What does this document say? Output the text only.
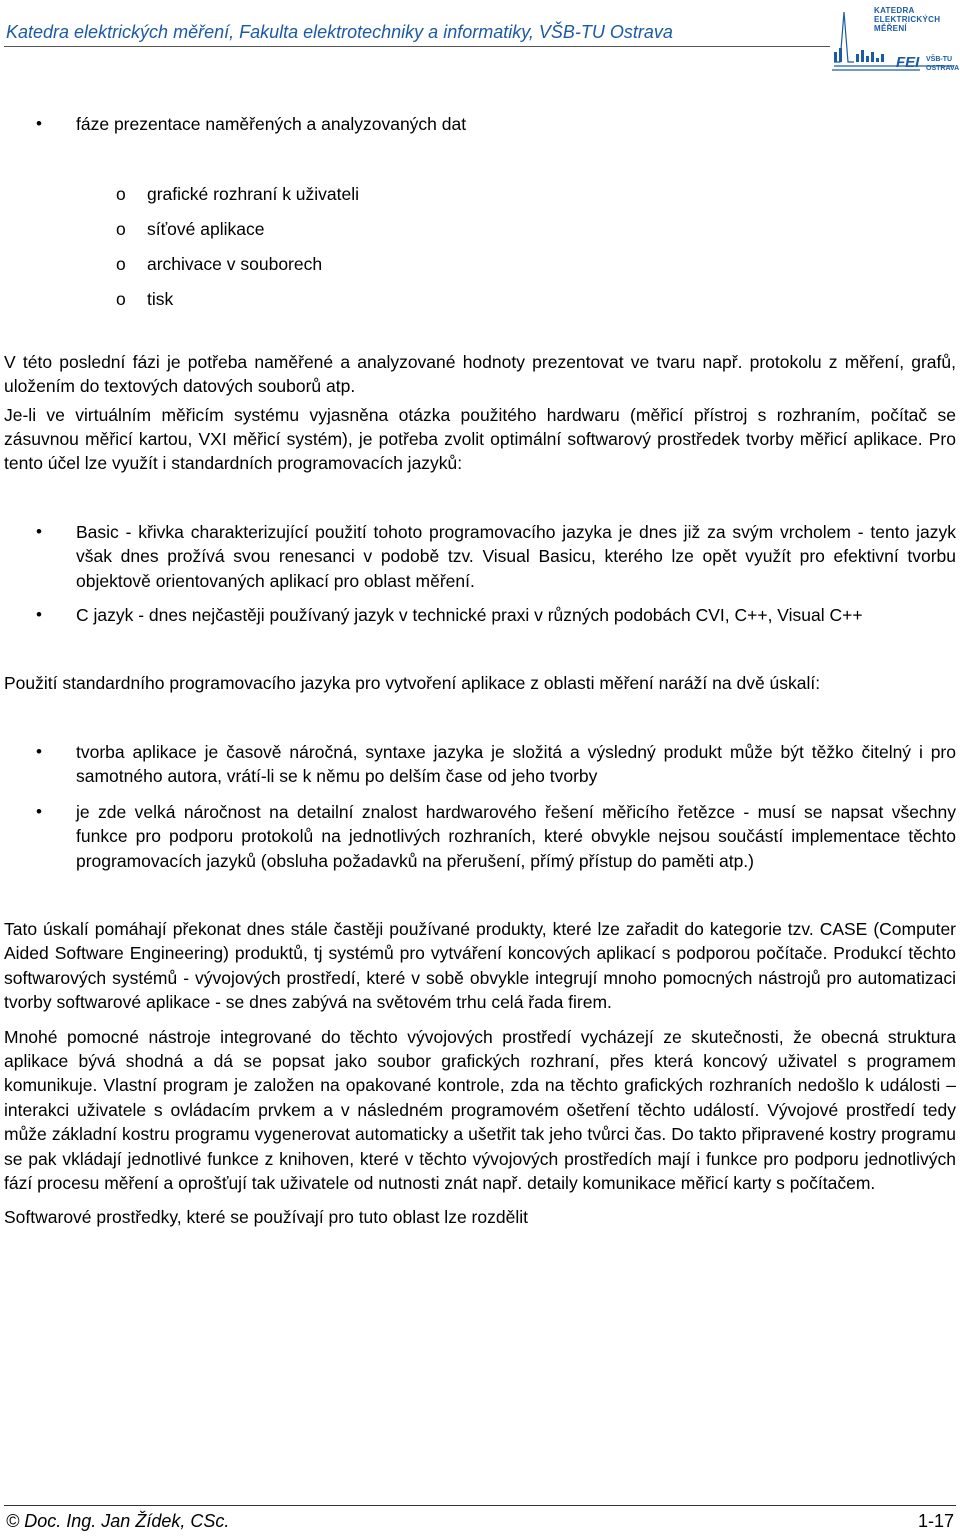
Katedra elektrických měření, Fakulta elektrotechniky a informatiky, VŠB-TU Ostrava
KATEDRA
ELEKTRICKÝCH
MĚŘENÍ
FEI VŠB-TU
OSTRAVA
• fáze prezentace naměřených a analyzovaných dat
o grafické rozhraní k uživateli
o síťové aplikace
o archivace v souborech
o tisk

V této poslední fázi je potřeba naměřené a analyzované hodnoty prezentovat ve tvaru např. protokolu z měření, grafů, uložením do textových datových souborů atp.

Je-li ve virtuálním měřicím systému vyjasněna otázka použitého hardwaru (měřicí přístroj s rozhraním, počítač se zásuvnou měřicí kartou, VXI měřicí systém), je potřeba zvolit optimální softwarový prostředek tvorby měřicí aplikace. Pro tento účel lze využít i standardních programovacích jazyků:

• Basic - křivka charakterizující použití tohoto programovacího jazyka je dnes již za svým vrcholem - tento jazyk však dnes prožívá svou renesanci v podobě tzv. Visual Basicu, kterého lze opět využít pro efektivní tvorbu objektově orientovaných aplikací pro oblast měření.
• C jazyk - dnes nejčastěji používaný jazyk v technické praxi v různých podobách CVI, C++, Visual C++

Použití standardního programovacího jazyka pro vytvoření aplikace z oblasti měření naráží na dvě úskalí:

• tvorba aplikace je časově náročná, syntaxe jazyka je složitá a výsledný produkt může být těžko čitelný i pro samotného autora, vrátí-li se k němu po delším čase od jeho tvorby
• je zde velká náročnost na detailní znalost hardwarového řešení měřicího řetězce - musí se napsat všechny funkce pro podporu protokolů na jednotlivých rozhraních, které obvykle nejsou součástí implementace těchto programovacích jazyků (obsluha požadavků na přerušení, přímý přístup do paměti atp.)

Tato úskalí pomáhají překonat dnes stále častěji používané produkty, které lze zařadit do kategorie tzv. CASE (Computer Aided Software Engineering) produktů, tj systémů pro vytváření koncových aplikací s podporou počítače. Produkcí těchto softwarových systémů - vývojových prostředí, které v sobě obvykle integrují mnoho pomocných nástrojů pro automatizaci tvorby softwarové aplikace - se dnes zabývá na světovém trhu celá řada firem.

Mnohé pomocné nástroje integrované do těchto vývojových prostředí vycházejí ze skutečnosti, že obecná struktura aplikace bývá shodná a dá se popsat jako soubor grafických rozhraní, přes která koncový uživatel s programem komunikuje. Vlastní program je založen na opakované kontrole, zda na těchto grafických rozhraních nedošlo k události – interakci uživatele s ovládacím prvkem a v následném programovém ošetření těchto událostí. Vývojové prostředí tedy může základní kostru programu vygenerovat automaticky a ušetřit tak jeho tvůrci čas. Do takto připravené kostry programu se pak vkládají jednotlivé funkce z knihoven, které v těchto vývojových prostředích mají i funkce pro podporu jednotlivých fází procesu měření a oprošťují tak uživatele od nutnosti znát např. detaily komunikace měřicí karty s počítačem.

Softwarové prostředky, které se používají pro tuto oblast lze rozdělit

© Doc. Ing. Jan Žídek, CSc.	1-17
